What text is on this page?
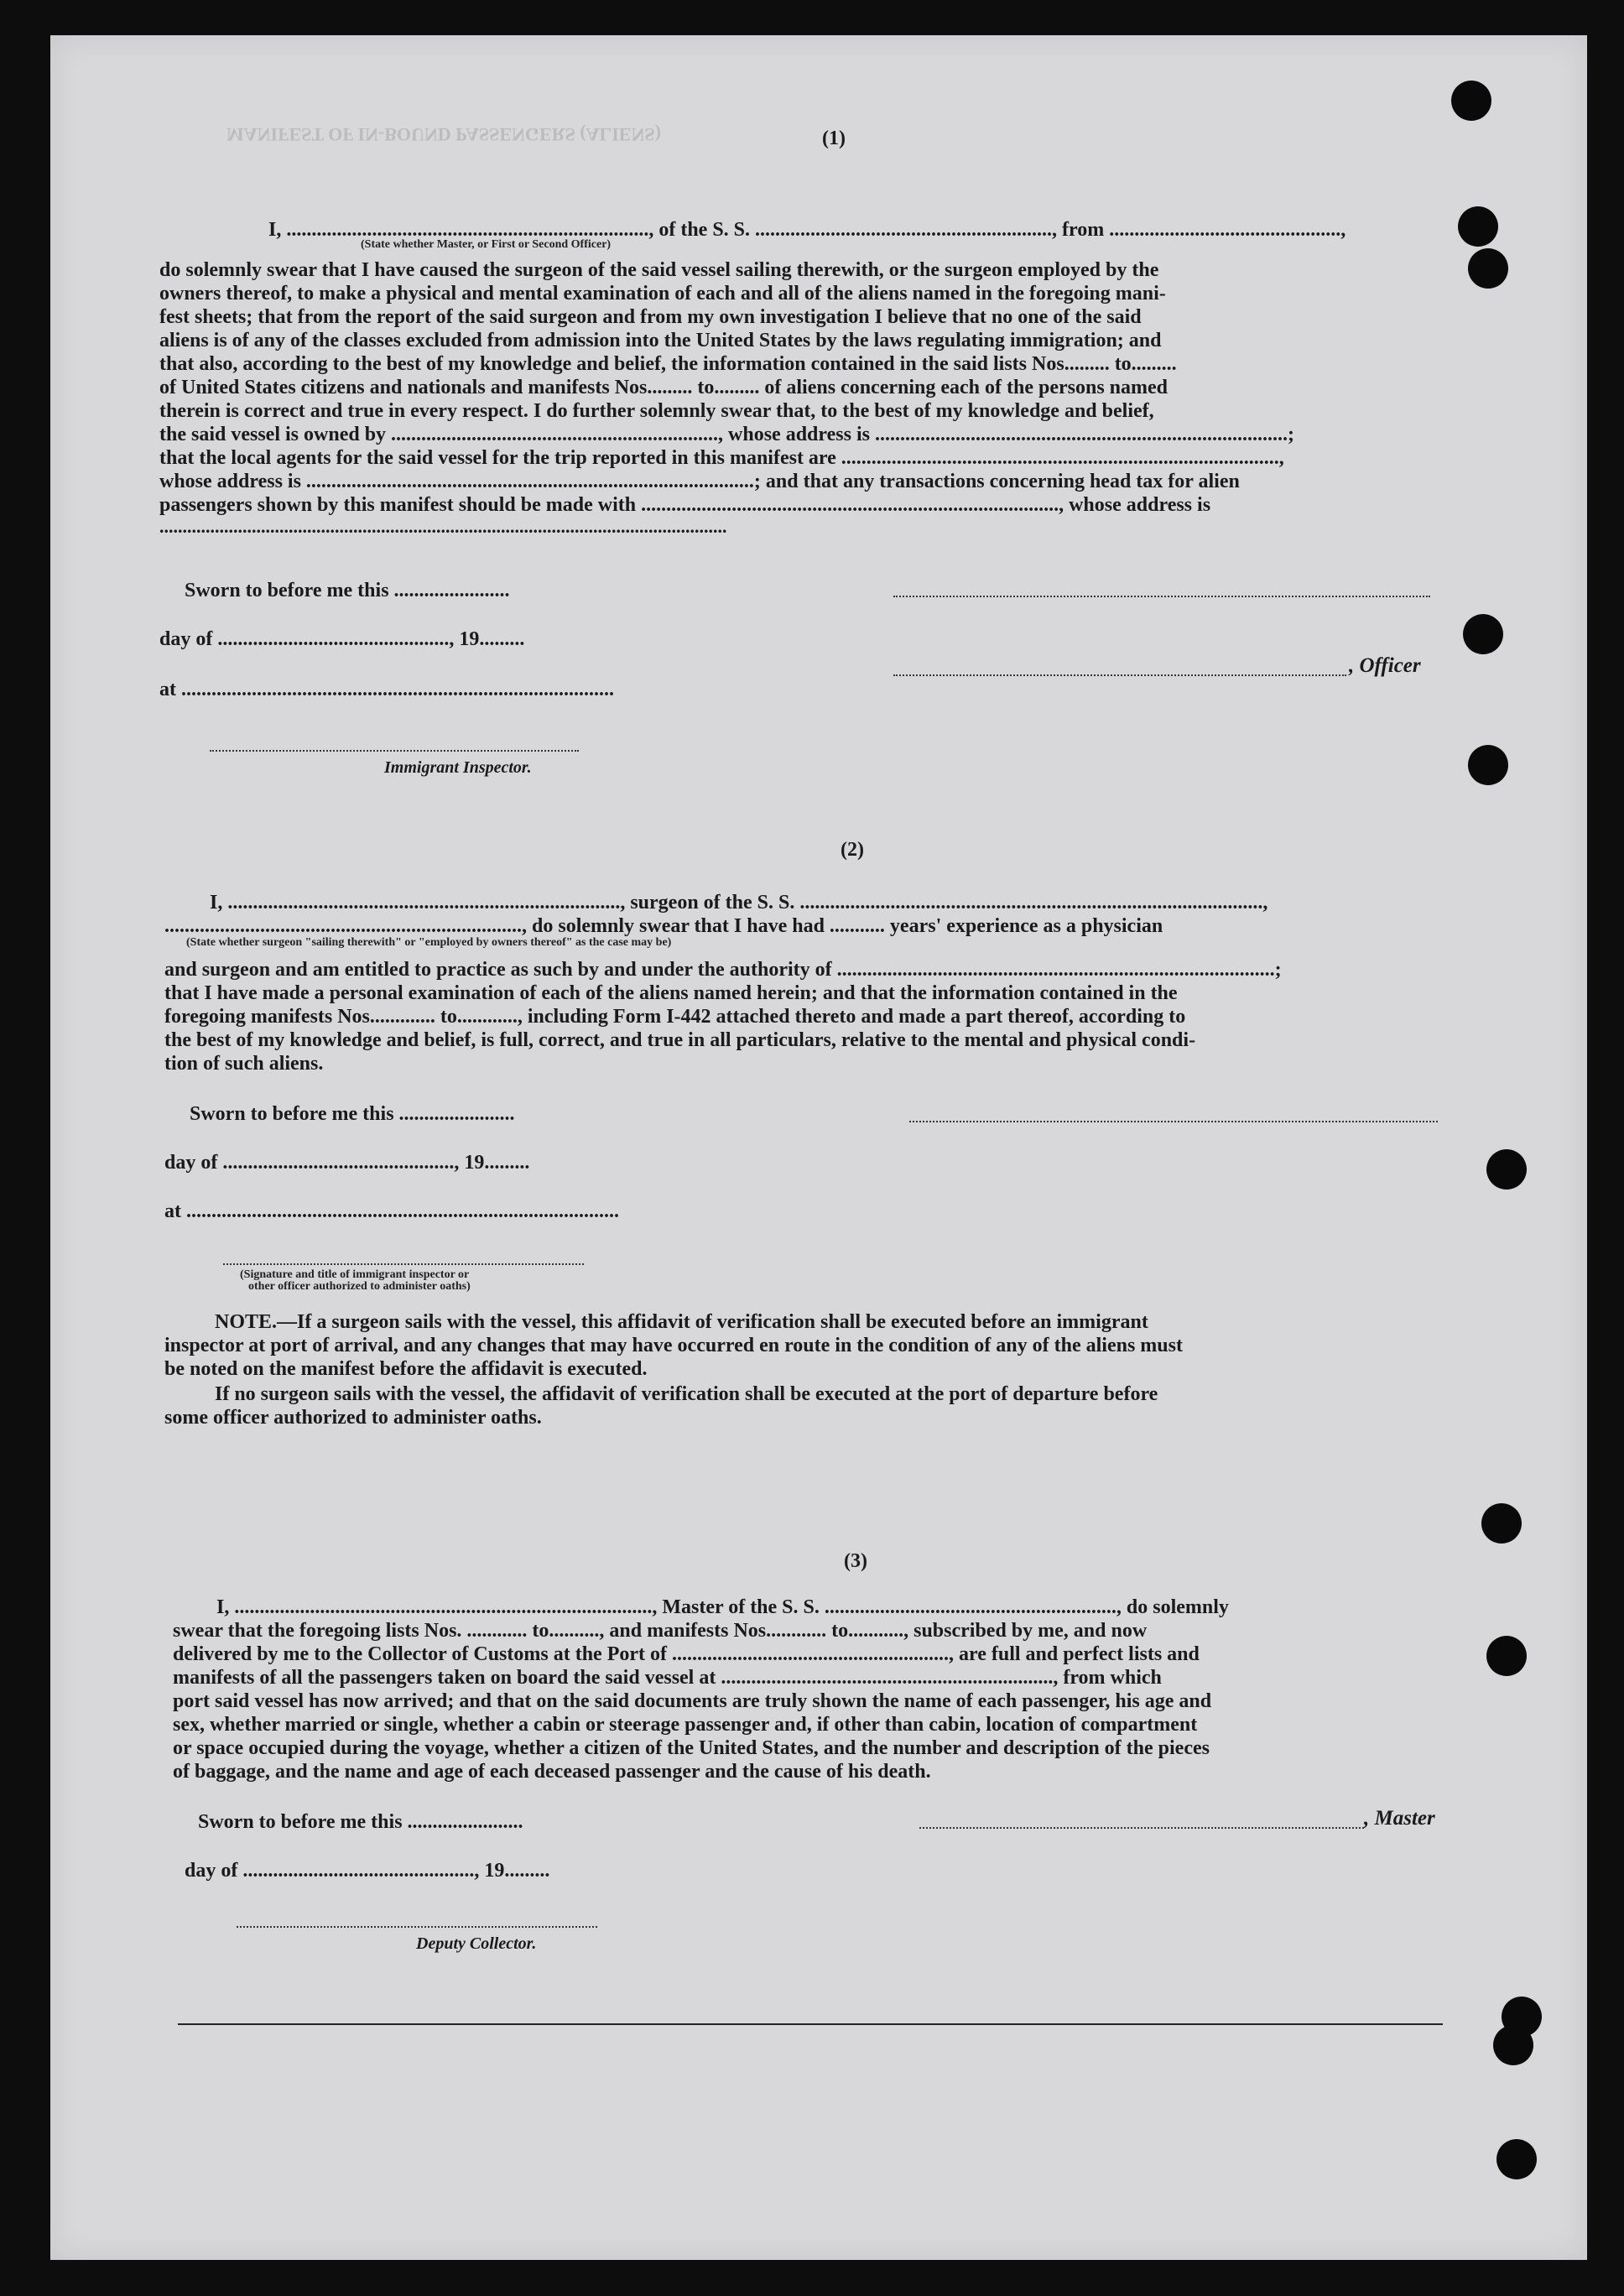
MANIFEST OF IN-BOUND PASSENGERS (ALIENS)	(1)
I, ........................................................................, of the S. S. ..........................................................., from ..............................................,
(State whether Master, or First or Second Officer)
do solemnly swear that I have caused the surgeon of the said vessel sailing therewith, or the surgeon employed by the
owners thereof, to make a physical and mental examination of each and all of the aliens named in the foregoing mani-
fest sheets; that from the report of the said surgeon and from my own investigation I believe that no one of the said
aliens is of any of the classes excluded from admission into the United States by the laws regulating immigration; and
that also, according to the best of my knowledge and belief, the information contained in the said lists Nos......... to.........
of United States citizens and nationals and manifests Nos......... to......... of aliens concerning each of the persons named
therein is correct and true in every respect. I do further solemnly swear that, to the best of my knowledge and belief,
the said vessel is owned by ................................................................., whose address is ..................................................................................;
that the local agents for the said vessel for the trip reported in this manifest are .......................................................................................,
whose address is .........................................................................................; and that any transactions concerning head tax for alien
passengers shown by this manifest should be made with ..................................................................................., whose address is
...........................................................................................................................
Sworn to before me this .......................
day of .............................................., 19.........
, Officer
at ......................................................................................
Immigrant Inspector.
(2)
I, .............................................................................., surgeon of the S. S. ............................................................................................,
......................................................................., do solemnly swear that I have had ........... years' experience as a physician
(State whether surgeon "sailing therewith" or "employed by owners thereof" as the case may be)
and surgeon and am entitled to practice as such by and under the authority of .......................................................................................;
that I have made a personal examination of each of the aliens named herein; and that the information contained in the
foregoing manifests Nos............. to............, including Form I-442 attached thereto and made a part thereof, according to
the best of my knowledge and belief, is full, correct, and true in all particulars, relative to the mental and physical condi-
tion of such aliens.
Sworn to before me this .......................
day of .............................................., 19.........
at ......................................................................................
(Signature and title of immigrant inspector or
other officer authorized to administer oaths)
NOTE.—If a surgeon sails with the vessel, this affidavit of verification shall be executed before an immigrant
inspector at port of arrival, and any changes that may have occurred en route in the condition of any of the aliens must
be noted on the manifest before the affidavit is executed.
If no surgeon sails with the vessel, the affidavit of verification shall be executed at the port of departure before
some officer authorized to administer oaths.
(3)
I, ..................................................................................., Master of the S. S. .........................................................., do solemnly
swear that the foregoing lists Nos. ............ to.........., and manifests Nos............ to..........., subscribed by me, and now
delivered by me to the Collector of Customs at the Port of ......................................................., are full and perfect lists and
manifests of all the passengers taken on board the said vessel at .................................................................., from which
port said vessel has now arrived; and that on the said documents are truly shown the name of each passenger, his age and
sex, whether married or single, whether a cabin or steerage passenger and, if other than cabin, location of compartment
or space occupied during the voyage, whether a citizen of the United States, and the number and description of the pieces
of baggage, and the name and age of each deceased passenger and the cause of his death.
Sworn to before me this .......................	, Master
day of .............................................., 19.........
Deputy Collector.
